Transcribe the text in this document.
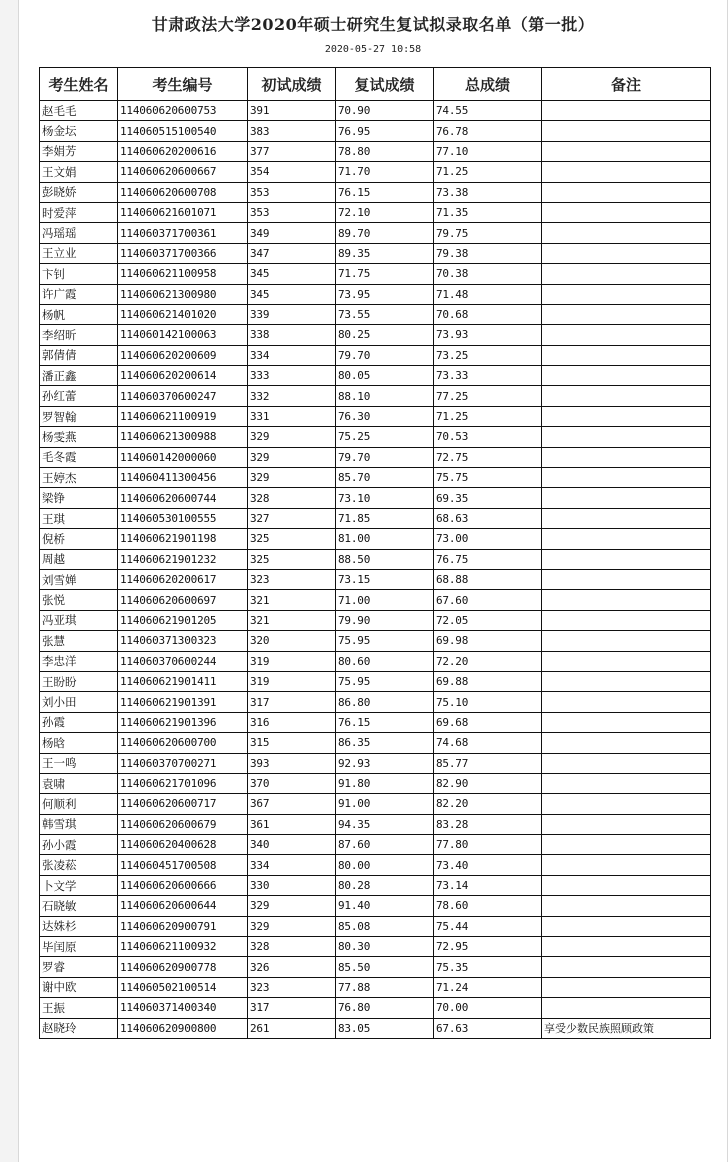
甘肃政法大学2020年硕士研究生复试拟录取名单（第一批）
2020-05-27 10:58
考生姓名	考生编号	初试成绩	复试成绩	总成绩	备注
赵毛毛	114060620600753	391	70.90	74.55	
杨金坛	114060515100540	383	76.95	76.78	
李娟芳	114060620200616	377	78.80	77.10	
王文娟	114060620600667	354	71.70	71.25	
彭晓娇	114060620600708	353	76.15	73.38	
时爱萍	114060621601071	353	72.10	71.35	
冯瑶瑶	114060371700361	349	89.70	79.75	
王立业	114060371700366	347	89.35	79.38	
卞钊	114060621100958	345	71.75	70.38	
许广霞	114060621300980	345	73.95	71.48	
杨帆	114060621401020	339	73.55	70.68	
李绍昕	114060142100063	338	80.25	73.93	
郭倩倩	114060620200609	334	79.70	73.25	
潘正鑫	114060620200614	333	80.05	73.33	
孙红蕾	114060370600247	332	88.10	77.25	
罗智翰	114060621100919	331	76.30	71.25	
杨雯燕	114060621300988	329	75.25	70.53	
毛冬霞	114060142000060	329	79.70	72.75	
王婷杰	114060411300456	329	85.70	75.75	
梁铮	114060620600744	328	73.10	69.35	
王琪	114060530100555	327	71.85	68.63	
倪桥	114060621901198	325	81.00	73.00	
周越	114060621901232	325	88.50	76.75	
刘雪婵	114060620200617	323	73.15	68.88	
张悦	114060620600697	321	71.00	67.60	
冯亚琪	114060621901205	321	79.90	72.05	
张慧	114060371300323	320	75.95	69.98	
李忠洋	114060370600244	319	80.60	72.20	
王盼盼	114060621901411	319	75.95	69.88	
刘小田	114060621901391	317	86.80	75.10	
孙霞	114060621901396	316	76.15	69.68	
杨晗	114060620600700	315	86.35	74.68	
王一鸣	114060370700271	393	92.93	85.77	
袁啸	114060621701096	370	91.80	82.90	
何顺利	114060620600717	367	91.00	82.20	
韩雪琪	114060620600679	361	94.35	83.28	
孙小霞	114060620400628	340	87.60	77.80	
张凌菘	114060451700508	334	80.00	73.40	
卜文学	114060620600666	330	80.28	73.14	
石晓敏	114060620600644	329	91.40	78.60	
达姝杉	114060620900791	329	85.08	75.44	
毕闰原	114060621100932	328	80.30	72.95	
罗睿	114060620900778	326	85.50	75.35	
谢中欧	114060502100514	323	77.88	71.24	
王振	114060371400340	317	76.80	70.00	
赵晓玲	114060620900800	261	83.05	67.63	享受少数民族照顾政策
